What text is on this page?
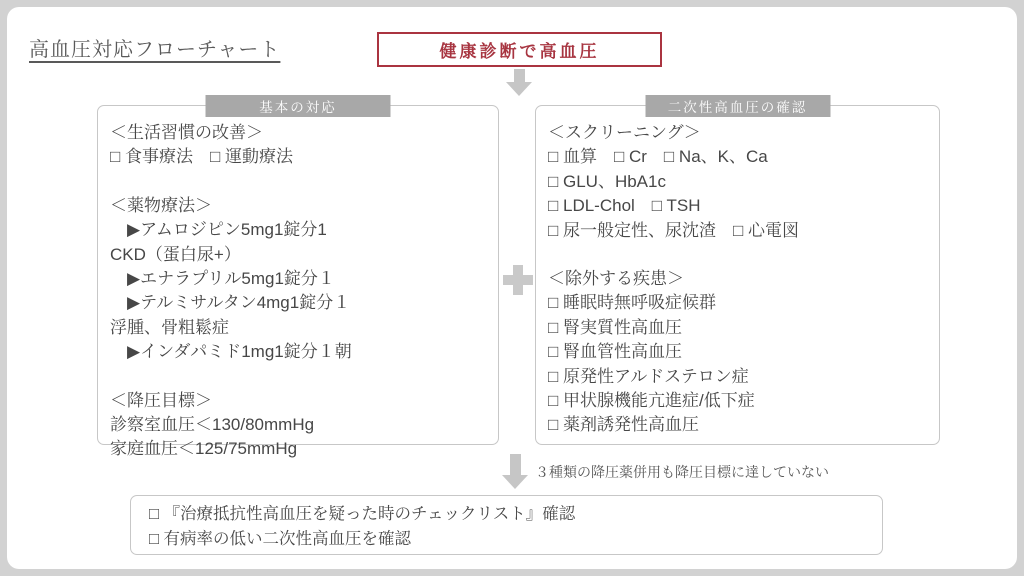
高血圧対応フローチャート	健康診断で高血圧
基本の対応
＜生活習慣の改善＞
□ 食事療法　□ 運動療法
＜薬物療法＞
　▶アムロジピン5mg1錠分1
CKD（蛋白尿+）
　▶エナラプリル5mg1錠分１
　▶テルミサルタン4mg1錠分１
浮腫、骨粗鬆症
　▶インダパミド1mg1錠分１朝
＜降圧目標＞
診察室血圧＜130/80mmHg
家庭血圧＜125/75mmHg
二次性高血圧の確認
＜スクリーニング＞
□ 血算　□ Cr　□ Na、K、Ca
□ GLU、HbA1c
□ LDL-Chol　□ TSH
□ 尿一般定性、尿沈渣　□ 心電図
＜除外する疾患＞
□ 睡眠時無呼吸症候群
□ 腎実質性高血圧
□ 腎血管性高血圧
□ 原発性アルドステロン症
□ 甲状腺機能亢進症/低下症
□ 薬剤誘発性高血圧
３種類の降圧薬併用も降圧目標に達していない
□ 『治療抵抗性高血圧を疑った時のチェックリスト』確認
□ 有病率の低い二次性高血圧を確認
